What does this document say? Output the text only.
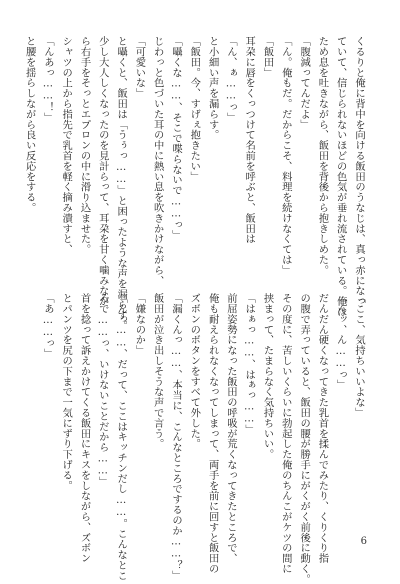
くるりと俺に背中を向ける飯田のうなじは、真っ赤になっ
ていて、信じられないほどの色気が垂れ流されている。俺は
ため息を吐きながら、飯田を背後から抱きしめた。
「腹減ってんだよ」
「ん。俺もだ。だからこそ、料理を続けなくては」
「飯田」
耳朶に唇をくっつけて名前を呼ぶと、飯田は
「ん、ぁ……っ」
と小細い声を漏らす。
「飯田。今、すげぇ抱きたい」
「囁くな……、そこで喋らないで……っ」
じわっと色づいた耳の中に熱い息を吹きかけながら、
「可愛いな」
と囁くと、飯田は「うぅっ……」と困ったような声を漏らす。
少し大人しくなったのを見計らって、耳朶を甘く噛みなが
ら右手をそっとエプロンの中に滑り込ませた。
シャツの上から指先で乳首を軽く摘み潰すと、
「んあっ……！」
と腰を揺らしながら良い反応をする。
「ここ、気持ちいいよな」
「んッ、ん……っ」
だんだん硬くなってきた乳首を揉んでみたり、くりくり指
の腹で弄っていると、飯田の腰が勝手にがくがく前後に動く。
その度に、苦しいくらいに勃起した俺のちんこがケツの間に
挟まって、たまらなく気持ちいい。
「はぁっ……、はぁっ……」
前屈姿勢になった飯田の呼吸が荒くなってきたところで、
俺も耐えられなくなってしまって、両手を前に回すと飯田の
ズボンのボタンをすべて外した。
「漏くんっ……、本当に、こんなところでするのか……？」
飯田が泣き出しそうな声で言う。
「嫌なのか」
「んっ……、だって、ここはキッチンだし……。こんなとこ
ろで……っ、いけないことだから……」
首を捻って訴えかけてくる飯田にキスをしながら、ズボン
とパンツを尻の下まで一気にずり下げる。
「あ……っ」
6
